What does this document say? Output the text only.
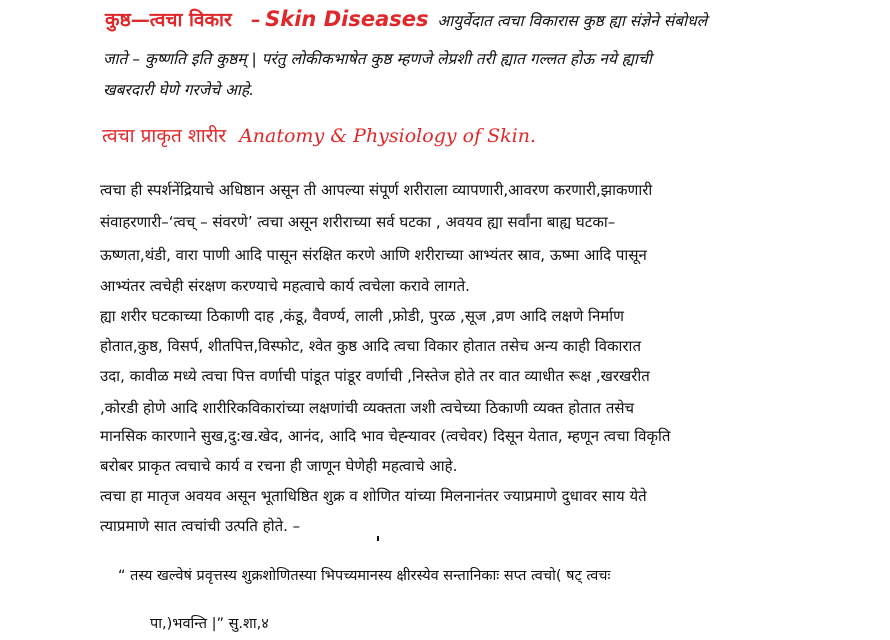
कुष्ठ—त्वचा विकार – Skin Diseases आयुर्वेदात त्वचा विकारास कुष्ठ ह्या संज्ञेने संबोधले
जाते – कुष्णति इति कुष्ठम् | परंतु लोकीकभाषेत कुष्ठ म्हणजे लेप्रशी तरी ह्यात गल्लत होऊ नये ह्याची
खबरदारी घेणे गरजेचे आहे.
त्वचा प्राकृत शारीर Anatomy & Physiology of Skin.
त्वचा ही स्पर्शनेंद्रियाचे अधिष्ठान असून ती आपल्या संपूर्ण शरीराला व्यापणारी,आवरण करणारी,झाकणारी
संवाहरणारी–‘त्वच् – संवरणे’ त्वचा असून शरीराच्या सर्व घटका , अवयव ह्या सर्वांना बाह्य घटका–
ऊष्णता,थंडी, वारा पाणी आदि पासून संरक्षित करणे आणि शरीराच्या आभ्यंतर स्राव, ऊष्मा आदि पासून
आभ्यंतर त्वचेही संरक्षण करण्याचे महत्वाचे कार्य त्वचेला करावे लागते.
ह्या शरीर घटकाच्या ठिकाणी दाह ,कंडू, वैवर्ण्य, लाली ,फ्रोडी, पुरळ ,सूज ,व्रण आदि लक्षणे निर्माण
होतात,कुष्ठ, विसर्प, शीतपित्त,विस्फोट, श्वेत कुष्ठ आदि त्वचा विकार होतात तसेच अन्य काही विकारात
उदा, कावीळ मध्ये त्वचा पित्त वर्णाची पांडूत पांडूर वर्णाची ,निस्तेज होते तर वात व्याधीत रूक्ष ,खरखरीत
,कोरडी होणे आदि शारीरिकविकारांच्या लक्षणांची व्यक्तता जशी त्वचेच्या ठिकाणी व्यक्त होतात तसेच
मानसिक कारणाने सुख,दु:ख.खेद, आनंद, आदि भाव चेह्न्यावर (त्वचेवर) दिसून येतात, म्हणून त्वचा विकृति
बरोबर प्राकृत त्वचाचे कार्य व रचना ही जाणून घेणेही महत्वाचे आहे.
त्वचा हा मातृज अवयव असून भूताधिष्ठित शुक्र व शोणित यांच्या मिलनानंतर ज्याप्रमाणे दुधावर साय येते
त्याप्रमाणे सात त्वचांची उत्पति होते. –
“ तस्य खल्वेषं प्रवृत्तस्य शुक्रशोणितस्या भिपच्यमानस्य क्षीरस्येव सन्तानिकाः सप्त त्वचो( षट् त्वचः
पा,)भवन्ति |” सु.शा,४
